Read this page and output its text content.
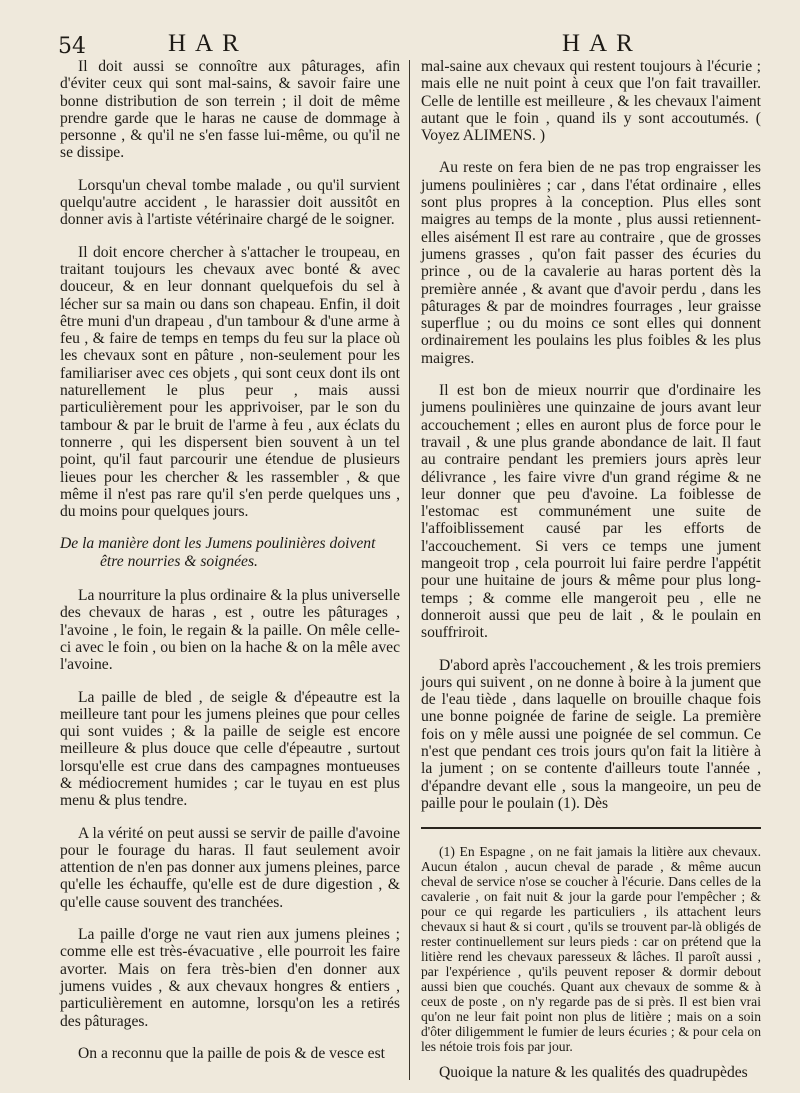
54	HAR	HAR

Il doit aussi se connoître aux pâturages, afin d'éviter ceux qui sont mal-sains, & savoir faire une bonne distribution de son terrein ; il doit de même prendre garde que le haras ne cause de dommage à personne , & qu'il ne s'en fasse lui-même, ou qu'il ne se dissipe.

Lorsqu'un cheval tombe malade , ou qu'il survient quelqu'autre accident , le harassier doit aussitôt en donner avis à l'artiste vétérinaire chargé de le soigner.

Il doit encore chercher à s'attacher le troupeau, en traitant toujours les chevaux avec bonté & avec douceur, & en leur donnant quelquefois du sel à lécher sur sa main ou dans son chapeau. Enfin, il doit être muni d'un drapeau , d'un tambour & d'une arme à feu , & faire de temps en temps du feu sur la place où les chevaux sont en pâture , non-seulement pour les familiariser avec ces objets , qui sont ceux dont ils ont naturellement le plus peur , mais aussi particulièrement pour les apprivoiser, par le son du tambour & par le bruit de l'arme à feu , aux éclats du tonnerre , qui les dispersent bien souvent à un tel point, qu'il faut parcourir une étendue de plusieurs lieues pour les chercher & les rassembler , & que même il n'est pas rare qu'il s'en perde quelques uns , du moins pour quelques jours.

De la manière dont les Jumens poulinières doivent
être nourries & soignées.

La nourriture la plus ordinaire & la plus universelle des chevaux de haras , est , outre les pâturages , l'avoine , le foin, le regain & la paille. On mêle celle-ci avec le foin , ou bien on la hache & on la mêle avec l'avoine.

La paille de bled , de seigle & d'épeautre est la meilleure tant pour les jumens pleines que pour celles qui sont vuides ; & la paille de seigle est encore meilleure & plus douce que celle d'épeautre , surtout lorsqu'elle est crue dans des campagnes montueuses & médiocrement humides ; car le tuyau en est plus menu & plus tendre.

A la vérité on peut aussi se servir de paille d'avoine pour le fourage du haras. Il faut seulement avoir attention de n'en pas donner aux jumens pleines, parce qu'elle les échauffe, qu'elle est de dure digestion , & qu'elle cause souvent des tranchées.

La paille d'orge ne vaut rien aux jumens pleines ; comme elle est très-évacuative , elle pourroit les faire avorter. Mais on fera très-bien d'en donner aux jumens vuides , & aux chevaux hongres & entiers , particulièrement en automne, lorsqu'on les a retirés des pâturages.

On a reconnu que la paille de pois & de vesce est

mal-saine aux chevaux qui restent toujours à l'écurie ; mais elle ne nuit point à ceux que l'on fait travailler. Celle de lentille est meilleure , & les chevaux l'aiment autant que le foin , quand ils y sont accoutumés. ( Voyez ALIMENS. )

Au reste on fera bien de ne pas trop engraisser les jumens poulinières ; car , dans l'état ordinaire , elles sont plus propres à la conception. Plus elles sont maigres au temps de la monte , plus aussi retiennent-elles aisément Il est rare au contraire , que de grosses jumens grasses , qu'on fait passer des écuries du prince , ou de la cavalerie au haras portent dès la première année , & avant que d'avoir perdu , dans les pâturages & par de moindres fourrages , leur graisse superflue ; ou du moins ce sont elles qui donnent ordinairement les poulains les plus foibles & les plus maigres.

Il est bon de mieux nourrir que d'ordinaire les jumens poulinières une quinzaine de jours avant leur accouchement ; elles en auront plus de force pour le travail , & une plus grande abondance de lait. Il faut au contraire pendant les premiers jours après leur délivrance , les faire vivre d'un grand régime & ne leur donner que peu d'avoine. La foiblesse de l'estomac est communément une suite de l'affoiblissement causé par les efforts de l'accouchement. Si vers ce temps une jument mangeoit trop , cela pourroit lui faire perdre l'appétit pour une huitaine de jours & même pour plus long-temps ; & comme elle mangeroit peu , elle ne donneroit aussi que peu de lait , & le poulain en souffriroit.

D'abord après l'accouchement , & les trois premiers jours qui suivent , on ne donne à boire à la jument que de l'eau tiède , dans laquelle on brouille chaque fois une bonne poignée de farine de seigle. La première fois on y mêle aussi une poignée de sel commun. Ce n'est que pendant ces trois jours qu'on fait la litière à la jument ; on se contente d'ailleurs toute l'année , d'épandre devant elle , sous la mangeoire, un peu de paille pour le poulain (1). Dès

(1) En Espagne , on ne fait jamais la litière aux chevaux. Aucun étalon , aucun cheval de parade , & même aucun cheval de service n'ose se coucher à l'écurie. Dans celles de la cavalerie , on fait nuit & jour la garde pour l'empêcher ; & pour ce qui regarde les particuliers , ils attachent leurs chevaux si haut & si court , qu'ils se trouvent par-là obligés de rester continuellement sur leurs pieds : car on prétend que la litière rend les chevaux paresseux & lâches. Il paroît aussi , par l'expérience , qu'ils peuvent reposer & dormir debout aussi bien que couchés. Quant aux chevaux de somme & à ceux de poste , on n'y regarde pas de si près. Il est bien vrai qu'on ne leur fait point non plus de litière ; mais on a soin d'ôter diligemment le fumier de leurs écuries ; & pour cela on les nétoie trois fois par jour.

Quoique la nature & les qualités des quadrupèdes
